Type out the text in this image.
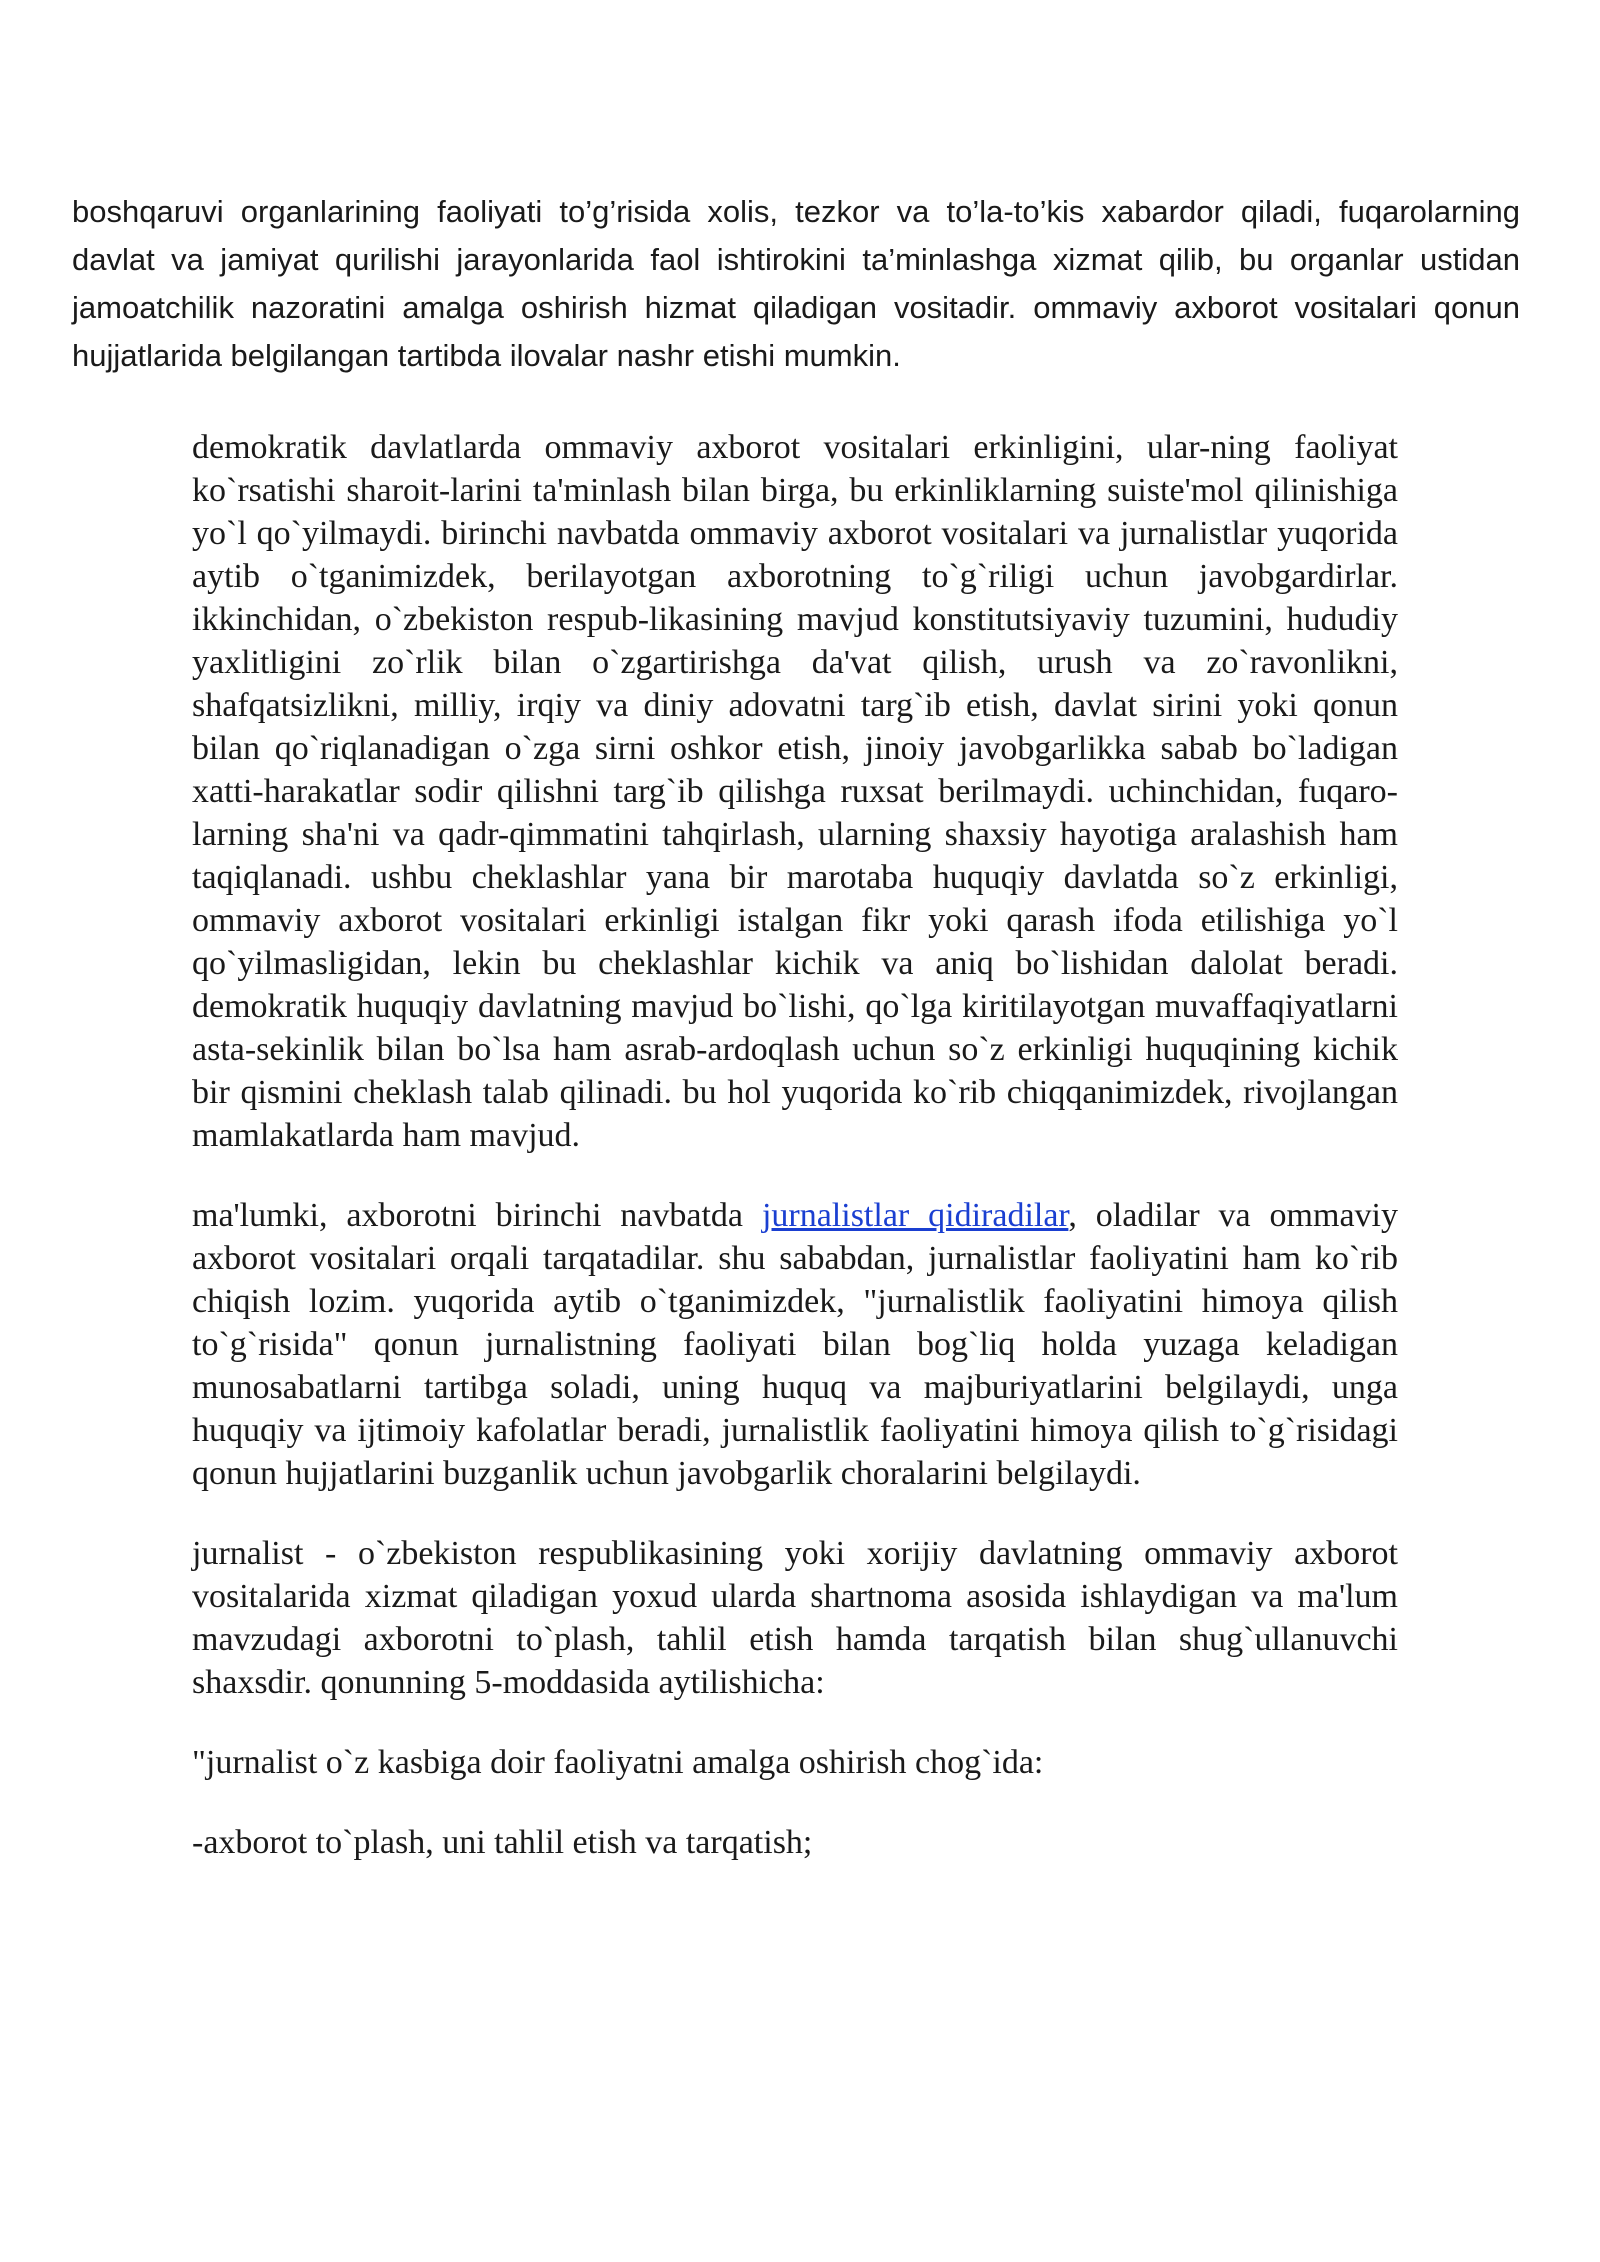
boshqaruvi organlarining faoliyati to’g’risida xolis, tezkor va to’la-to’kis xabardor qiladi, fuqarolarning davlat va jamiyat qurilishi jarayonlarida faol ishtirokini ta’minlashga xizmat qilib, bu organlar ustidan jamoatchilik nazoratini amalga oshirish hizmat qiladigan vositadir. ommaviy axborot vositalari qonun hujjatlarida belgilangan tartibda ilovalar nashr etishi mumkin.

demokratik davlatlarda ommaviy axborot vositalari erkinligini, ular-ning faoliyat ko`rsatishi sharoit-larini ta'minlash bilan birga, bu erkinliklarning suiste'mol qilinishiga yo`l qo`yilmaydi. birinchi navbatda ommaviy axborot vositalari va jurnalistlar yuqorida aytib o`tganimizdek, berilayotgan axborotning to`g`riligi uchun javobgardirlar. ikkinchidan, o`zbekiston respub-likasining mavjud konstitutsiyaviy tuzumini, hududiy yaxlitligini zo`rlik bilan o`zgartirishga da'vat qilish, urush va zo`ravonlikni, shafqatsizlikni, milliy, irqiy va diniy adovatni targ`ib etish, davlat sirini yoki qonun bilan qo`riqlanadigan o`zga sirni oshkor etish, jinoiy javobgarlikka sabab bo`ladigan xatti-harakatlar sodir qilishni targ`ib qilishga ruxsat berilmaydi. uchinchidan, fuqaro-larning sha'ni va qadr-qimmatini tahqirlash, ularning shaxsiy hayotiga aralashish ham taqiqlanadi. ushbu cheklashlar yana bir marotaba huquqiy davlatda so`z erkinligi, ommaviy axborot vositalari erkinligi istalgan fikr yoki qarash ifoda etilishiga yo`l qo`yilmasligidan, lekin bu cheklashlar kichik va aniq bo`lishidan dalolat beradi. demokratik huquqiy davlatning mavjud bo`lishi, qo`lga kiritilayotgan muvaffaqiyatlarni asta-sekinlik bilan bo`lsa ham asrab-ardoqlash uchun so`z erkinligi huquqining kichik bir qismini cheklash talab qilinadi. bu hol yuqorida ko`rib chiqqanimizdek, rivojlangan mamlakatlarda ham mavjud.

ma'lumki, axborotni birinchi navbatda jurnalistlar qidiradilar, oladilar va ommaviy axborot vositalari orqali tarqatadilar. shu sababdan, jurnalistlar faoliyatini ham ko`rib chiqish lozim. yuqorida aytib o`tganimizdek, "jurnalistlik faoliyatini himoya qilish to`g`risida" qonun jurnalistning faoliyati bilan bog`liq holda yuzaga keladigan munosabatlarni tartibga soladi, uning huquq va majburiyatlarini belgilaydi, unga huquqiy va ijtimoiy kafolatlar beradi, jurnalistlik faoliyatini himoya qilish to`g`risidagi qonun hujjatlarini buzganlik uchun javobgarlik choralarini belgilaydi.

jurnalist - o`zbekiston respublikasining yoki xorijiy davlatning ommaviy axborot vositalarida xizmat qiladigan yoxud ularda shartnoma asosida ishlaydigan va ma'lum mavzudagi axborotni to`plash, tahlil etish hamda tarqatish bilan shug`ullanuvchi shaxsdir. qonunning 5-moddasida aytilishicha:

"jurnalist o`z kasbiga doir faoliyatni amalga oshirish chog`ida:

-axborot to`plash, uni tahlil etish va tarqatish;
